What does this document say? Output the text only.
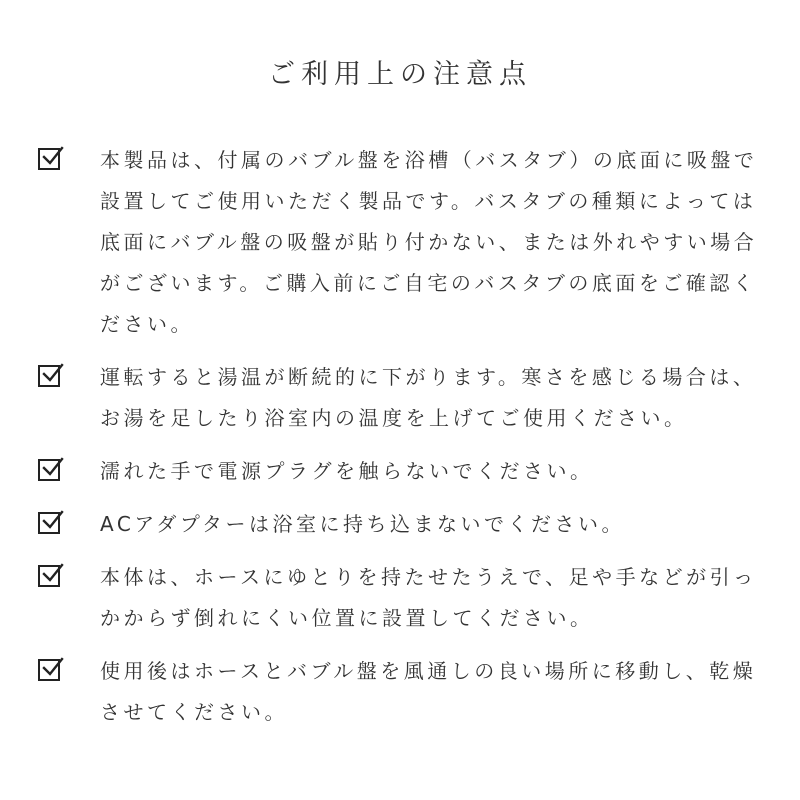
ご利用上の注意点
本製品は、付属のバブル盤を浴槽（バスタブ）の底面に吸盤で設置してご使用いただく製品です。バスタブの種類によっては底面にバブル盤の吸盤が貼り付かない、または外れやすい場合がございます。ご購入前にご自宅のバスタブの底面をご確認ください。
運転すると湯温が断続的に下がります。寒さを感じる場合は、お湯を足したり浴室内の温度を上げてご使用ください。
濡れた手で電源プラグを触らないでください。
ACアダプターは浴室に持ち込まないでください。
本体は、ホースにゆとりを持たせたうえで、足や手などが引っかからず倒れにくい位置に設置してください。
使用後はホースとバブル盤を風通しの良い場所に移動し、乾燥させてください。
